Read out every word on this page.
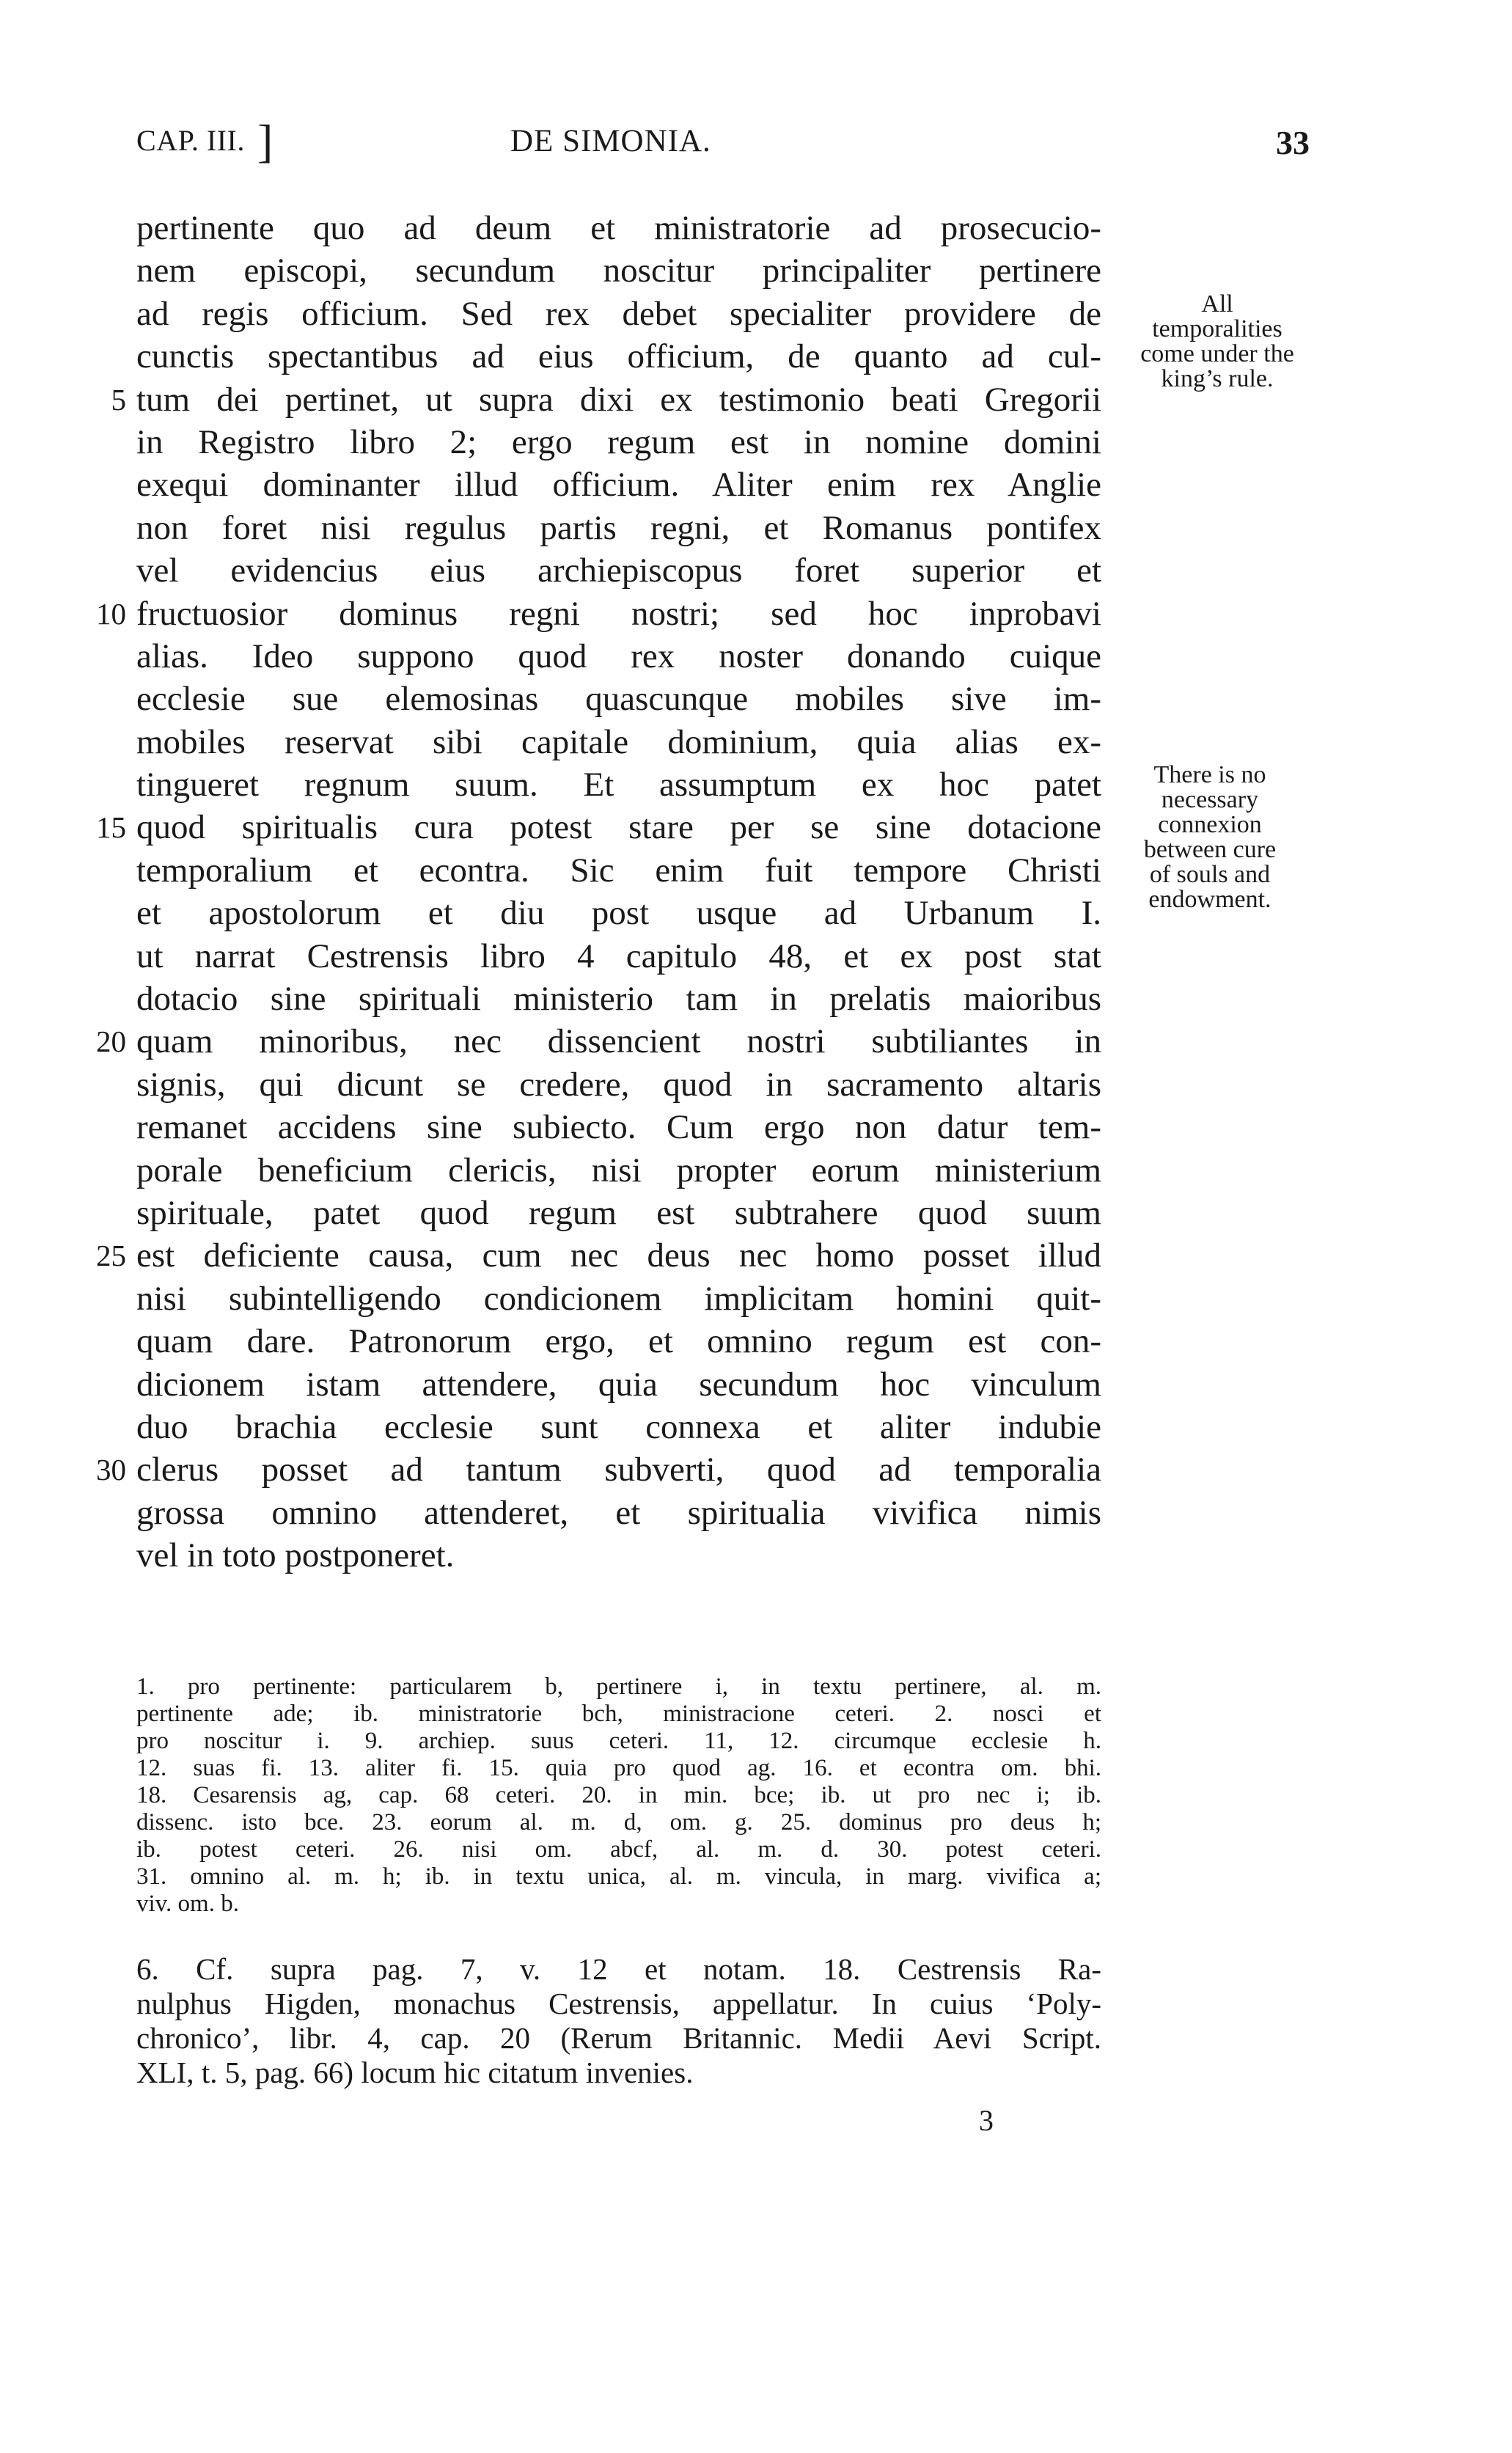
CAP. III. ]	DE SIMONIA.	33
pertinente quo ad deum et ministratorie ad prosecucio-
nem episcopi, secundum noscitur principaliter pertinere
ad regis officium. Sed rex debet specialiter providere de
cunctis spectantibus ad eius officium, de quanto ad cul-
tum dei pertinet, ut supra dixi ex testimonio beati Gregorii
5
in Registro libro 2; ergo regum est in nomine domini
exequi dominanter illud officium. Aliter enim rex Anglie
non foret nisi regulus partis regni, et Romanus pontifex
vel evidencius eius archiepiscopus foret superior et
fructuosior dominus regni nostri; sed hoc inprobavi
10
alias. Ideo suppono quod rex noster donando cuique
ecclesie sue elemosinas quascunque mobiles sive im-
mobiles reservat sibi capitale dominium, quia alias ex-
tingueret regnum suum. Et assumptum ex hoc patet
quod spiritualis cura potest stare per se sine dotacione
15
temporalium et econtra. Sic enim fuit tempore Christi
et apostolorum et diu post usque ad Urbanum I.
ut narrat Cestrensis libro 4 capitulo 48, et ex post stat
dotacio sine spirituali ministerio tam in prelatis maioribus
quam minoribus, nec dissencient nostri subtiliantes in
20
signis, qui dicunt se credere, quod in sacramento altaris
remanet accidens sine subiecto. Cum ergo non datur tem-
porale beneficium clericis, nisi propter eorum ministerium
spirituale, patet quod regum est subtrahere quod suum
est deficiente causa, cum nec deus nec homo posset illud
25
nisi subintelligendo condicionem implicitam homini quit-
quam dare. Patronorum ergo, et omnino regum est con-
dicionem istam attendere, quia secundum hoc vinculum
duo brachia ecclesie sunt connexa et aliter indubie
clerus posset ad tantum subverti, quod ad temporalia
30
grossa omnino attenderet, et spiritualia vivifica nimis
vel in toto postponeret.
All
temporalities
come under the
king’s rule.
There is no
necessary
connexion
between cure
of souls and
endowment.
1. pro pertinente: particularem b, pertinere i, in textu pertinere, al. m.
pertinente ade; ib. ministratorie bch, ministracione ceteri. 2. nosci et
pro noscitur i. 9. archiep. suus ceteri. 11, 12. circumque ecclesie h.
12. suas fi. 13. aliter fi. 15. quia pro quod ag. 16. et econtra om. bhi.
18. Cesarensis ag, cap. 68 ceteri. 20. in min. bce; ib. ut pro nec i; ib.
dissenc. isto bce. 23. eorum al. m. d, om. g. 25. dominus pro deus h;
ib. potest ceteri. 26. nisi om. abcf, al. m. d. 30. potest ceteri.
31. omnino al. m. h; ib. in textu unica, al. m. vincula, in marg. vivifica a;
viv. om. b.
6. Cf. supra pag. 7, v. 12 et notam. 18. Cestrensis Ra-
nulphus Higden, monachus Cestrensis, appellatur. In cuius ‘Poly-
chronico’, libr. 4, cap. 20 (Rerum Britannic. Medii Aevi Script.
XLI, t. 5, pag. 66) locum hic citatum invenies.
3
